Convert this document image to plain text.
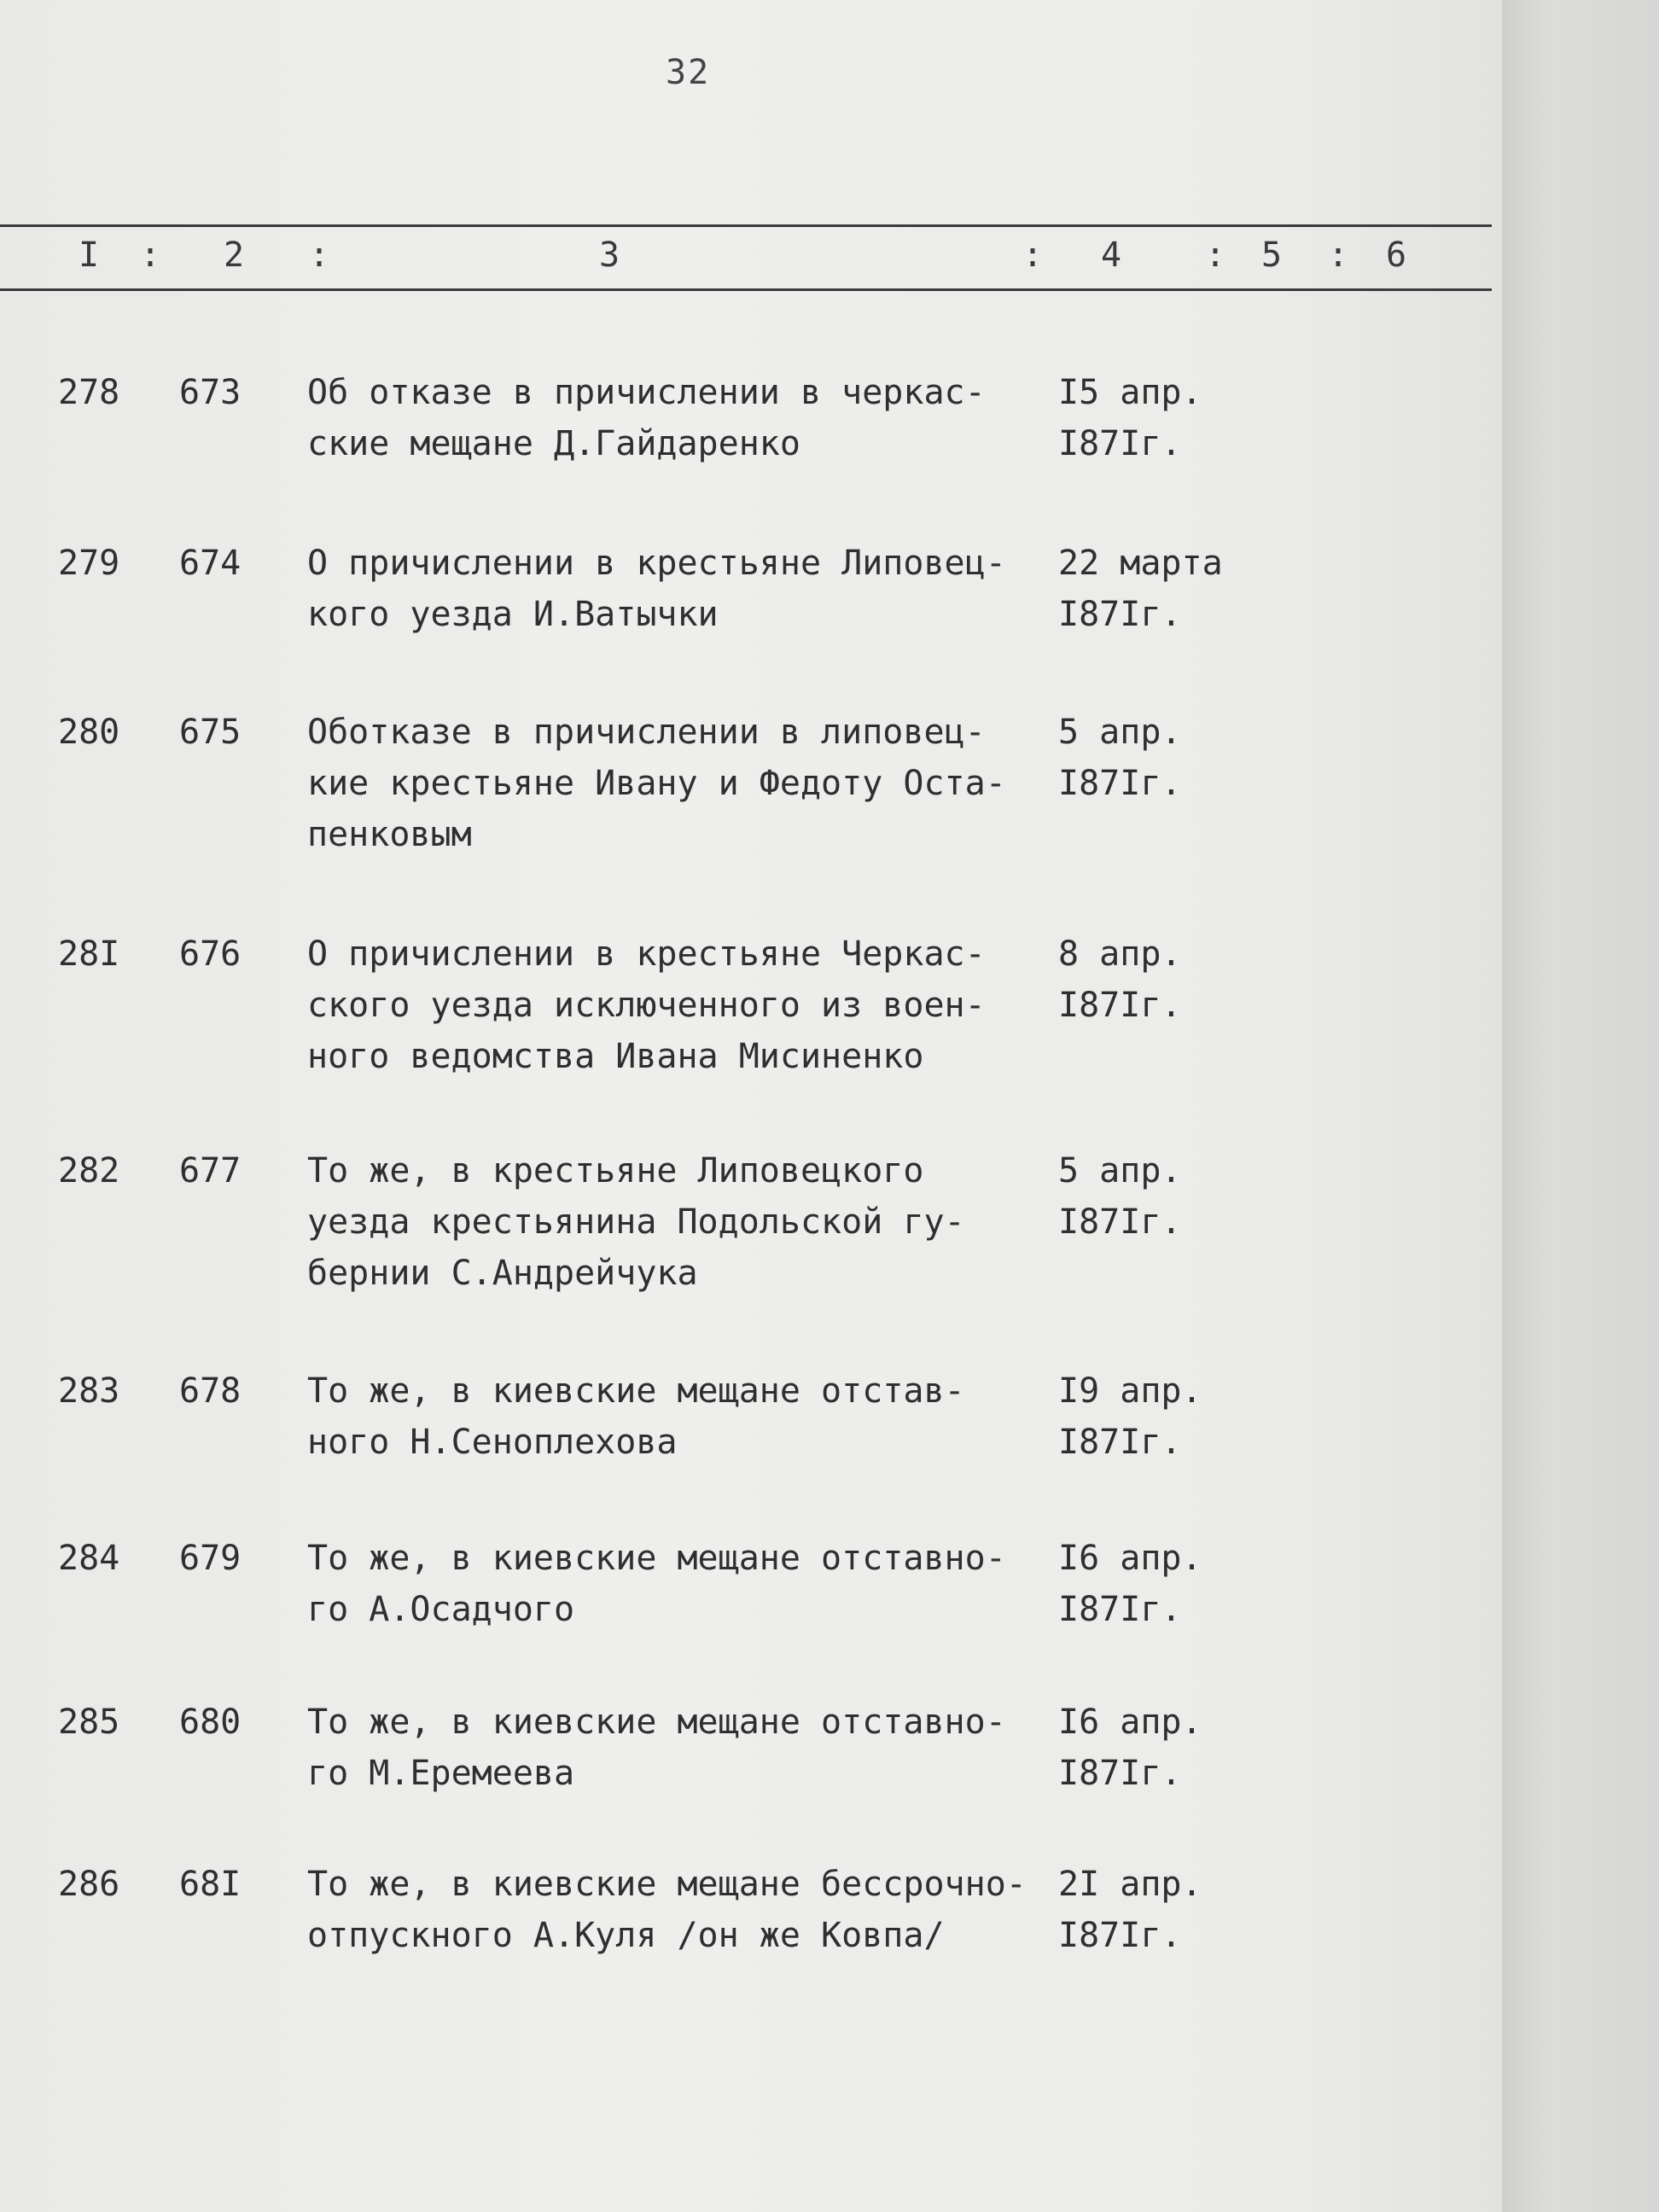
32
I : 2 :	3	: 4 : 5 : 6
278 673 Об отказе в причислении в черкас-
ские мещане Д.Гайдаренко
I5 апр.
I87Iг.
279 674 О причислении в крестьяне Липовец-
кого уезда И.Ватычки
22 марта
I87Iг.
280 675 Оботказе в причислении в липовец-
кие крестьяне Ивану и Федоту Оста-
пенковым
5 апр.
I87Iг.
28I 676 О причислении в крестьяне Черкас-
ского уезда исключенного из воен-
ного ведомства Ивана Мисиненко
8 апр.
I87Iг.
282 677 То же, в крестьяне Липовецкого
уезда крестьянина Подольской гу-
бернии С.Андрейчука
5 апр.
I87Iг.
283 678 То же, в киевские мещане отстав-
ного Н.Сеноплехова
I9 апр.
I87Iг.
284 679 То же, в киевские мещане отставно-
го А.Осадчого
I6 апр.
I87Iг.
285 680 То же, в киевские мещане отставно-
го М.Еремеева
I6 апр.
I87Iг.
286 68I То же, в киевские мещане бессрочно-
отпускного А.Куля /он же Ковпа/
2I апр.
I87Iг.
